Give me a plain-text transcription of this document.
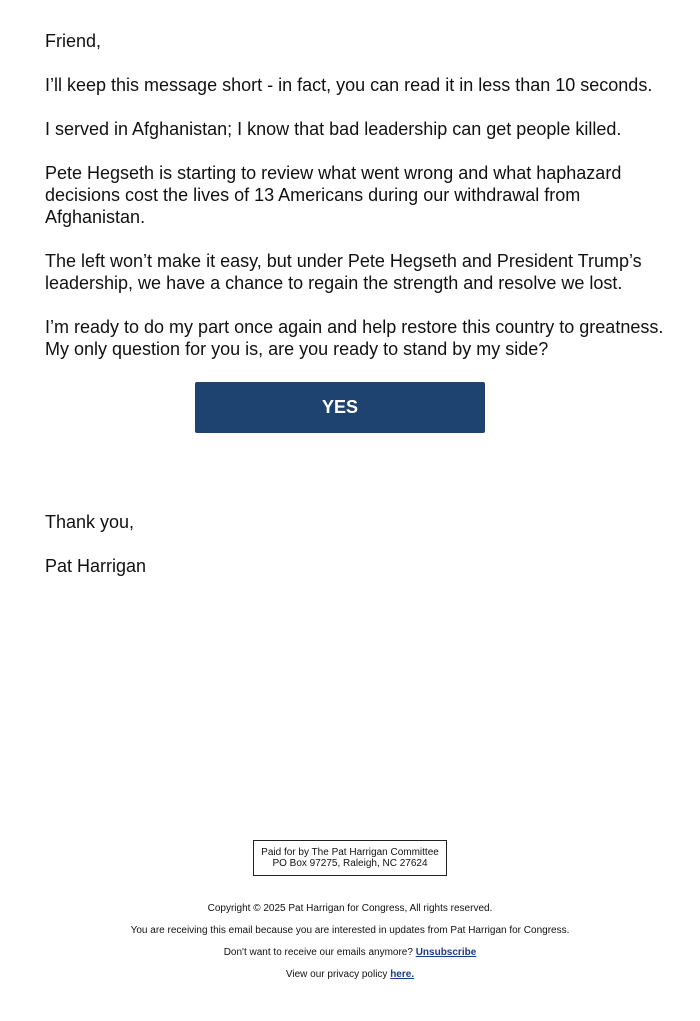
Friend,

I’ll keep this message short - in fact, you can read it in less than 10 seconds.

I served in Afghanistan; I know that bad leadership can get people killed.

Pete Hegseth is starting to review what went wrong and what haphazard decisions cost the lives of 13 Americans during our withdrawal from Afghanistan.

The left won’t make it easy, but under Pete Hegseth and President Trump’s leadership, we have a chance to regain the strength and resolve we lost.

I’m ready to do my part once again and help restore this country to greatness. My only question for you is, are you ready to stand by my side?

YES

Thank you,

Pat Harrigan

Paid for by The Pat Harrigan Committee
PO Box 97275, Raleigh, NC 27624

Copyright © 2025 Pat Harrigan for Congress, All rights reserved.

You are receiving this email because you are interested in updates from Pat Harrigan for Congress.

Don't want to receive our emails anymore? Unsubscribe

View our privacy policy here.
